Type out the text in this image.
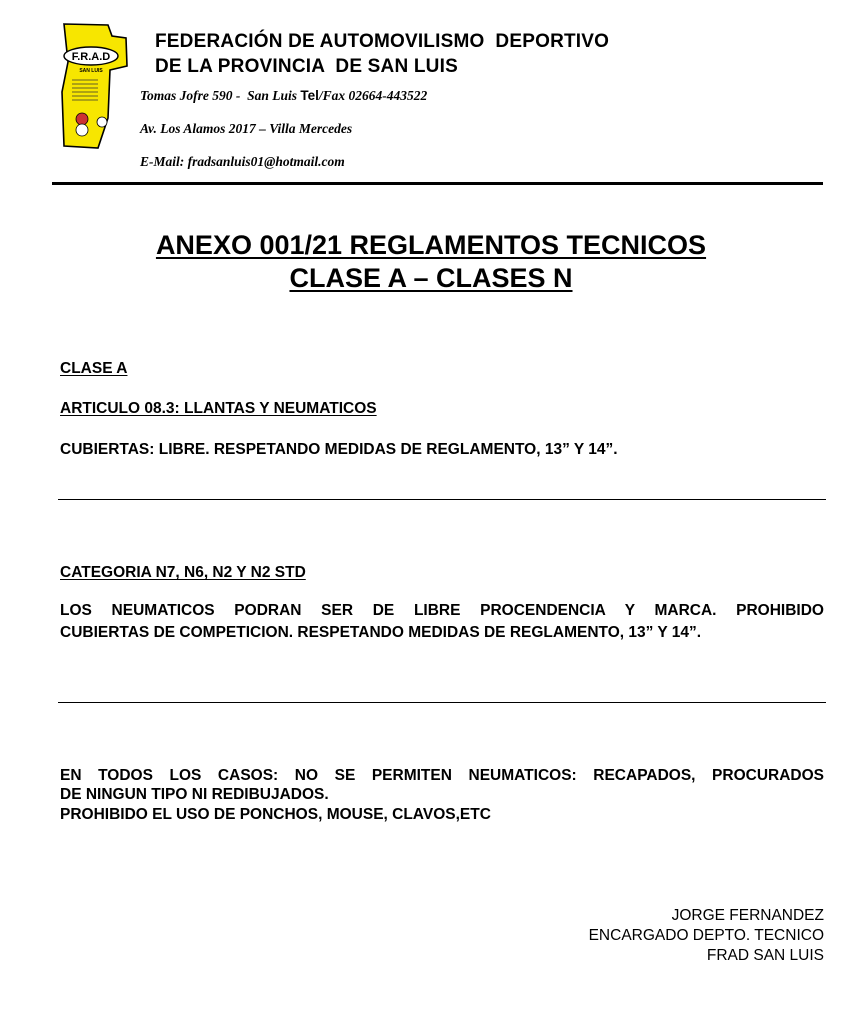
F.R.A.D
SAN LUIS
FEDERACIÓN DE AUTOMOVILISMO  DEPORTIVO
DE LA PROVINCIA  DE SAN LUIS
Tomas Jofre 590 -  San Luis Tel/Fax 02664-443522
Av. Los Alamos 2017 – Villa Mercedes
E-Mail: fradsanluis01@hotmail.com
ANEXO 001/21 REGLAMENTOS TECNICOS
CLASE A – CLASES N
CLASE A
ARTICULO 08.3: LLANTAS Y NEUMATICOS
CUBIERTAS: LIBRE. RESPETANDO MEDIDAS DE REGLAMENTO, 13” Y 14”.
CATEGORIA N7, N6, N2 Y N2 STD
LOS NEUMATICOS PODRAN SER DE LIBRE PROCENDENCIA Y MARCA. PROHIBIDO
CUBIERTAS DE COMPETICION. RESPETANDO MEDIDAS DE REGLAMENTO, 13” Y 14”.
EN TODOS LOS CASOS: NO SE PERMITEN NEUMATICOS: RECAPADOS, PROCURADOS
DE NINGUN TIPO NI REDIBUJADOS.
PROHIBIDO EL USO DE PONCHOS, MOUSE, CLAVOS,ETC
JORGE FERNANDEZ
ENCARGADO DEPTO. TECNICO
FRAD SAN LUIS
